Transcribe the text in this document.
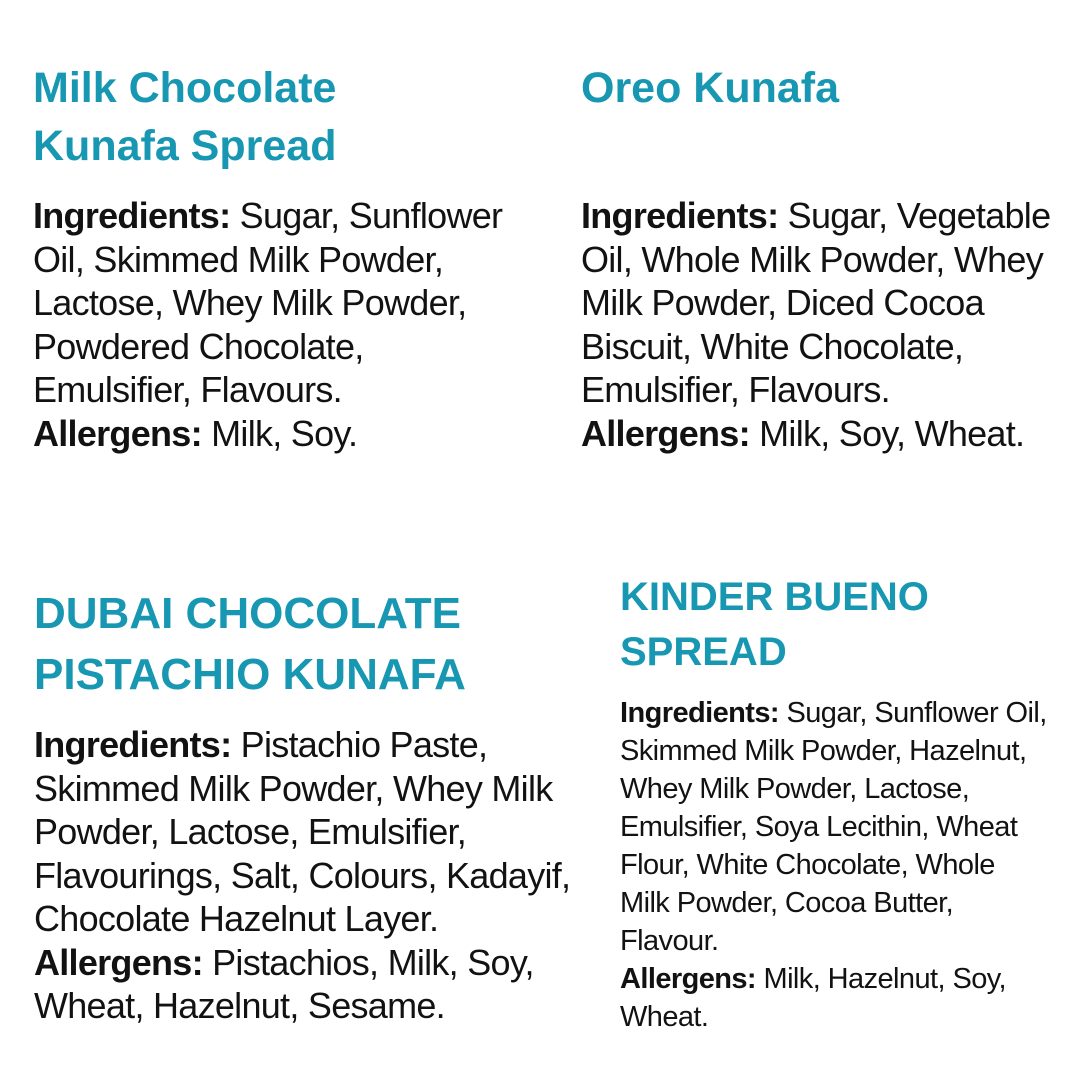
Milk Chocolate
Kunafa Spread
Ingredients: Sugar, Sunflower
Oil, Skimmed Milk Powder,
Lactose, Whey Milk Powder,
Powdered Chocolate,
Emulsifier, Flavours.
Allergens: Milk, Soy.
Oreo Kunafa
Ingredients: Sugar, Vegetable
Oil, Whole Milk Powder, Whey
Milk Powder, Diced Cocoa
Biscuit, White Chocolate,
Emulsifier, Flavours.
Allergens: Milk, Soy, Wheat.
DUBAI CHOCOLATE
PISTACHIO KUNAFA
Ingredients: Pistachio Paste,
Skimmed Milk Powder, Whey Milk
Powder, Lactose, Emulsifier,
Flavourings, Salt, Colours, Kadayif,
Chocolate Hazelnut Layer.
Allergens: Pistachios, Milk, Soy,
Wheat, Hazelnut, Sesame.
KINDER BUENO
SPREAD
Ingredients: Sugar, Sunflower Oil,
Skimmed Milk Powder, Hazelnut,
Whey Milk Powder, Lactose,
Emulsifier, Soya Lecithin, Wheat
Flour, White Chocolate, Whole
Milk Powder, Cocoa Butter,
Flavour.
Allergens: Milk, Hazelnut, Soy,
Wheat.
